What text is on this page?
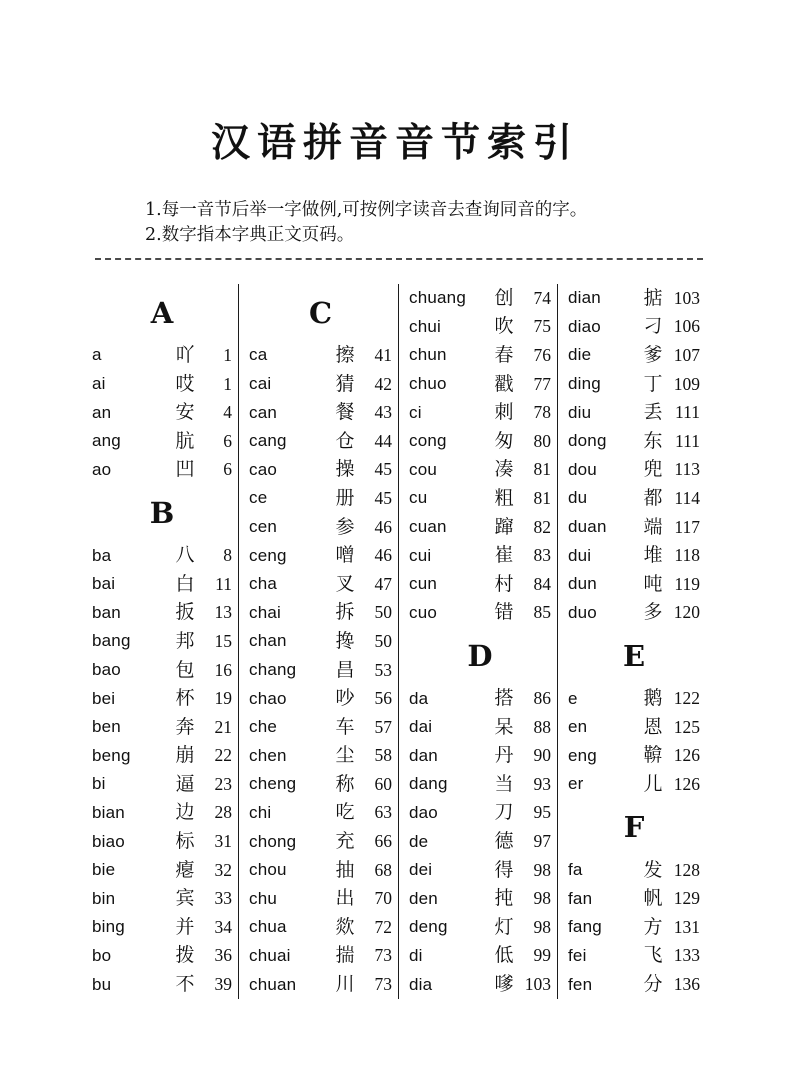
汉语拼音音节索引

1.每一音节后举一字做例,可按例字读音去查询同音的字。

2.数字指本字典正文页码。

A
a	吖	1
ai	哎	1
an	安	4
ang	肮	6
ao	凹	6
B
ba	八	8
bai	白	11
ban	扳	13
bang	邦	15
bao	包	16
bei	杯	19
ben	奔	21
beng	崩	22
bi	逼	23
bian	边	28
biao	标	31
bie	瘪	32
bin	宾	33
bing	并	34
bo	拨	36
bu	不	39
C
ca	擦	41
cai	猜	42
can	餐	43
cang	仓	44
cao	操	45
ce	册	45
cen	参	46
ceng	噌	46
cha	叉	47
chai	拆	50
chan	搀	50
chang	昌	53
chao	吵	56
che	车	57
chen	尘	58
cheng	称	60
chi	吃	63
chong	充	66
chou	抽	68
chu	出	70
chua	欻	72
chuai	揣	73
chuan	川	73
chuang	创	74
chui	吹	75
chun	春	76
chuo	戳	77
ci	刺	78
cong	匆	80
cou	凑	81
cu	粗	81
cuan	蹿	82
cui	崔	83
cun	村	84
cuo	错	85
D
da	搭	86
dai	呆	88
dan	丹	90
dang	当	93
dao	刀	95
de	德	97
dei	得	98
den	扽	98
deng	灯	98
di	低	99
dia	嗲 103
dian	掂 103
diao	刁 106
die	爹 107
ding	丁 109
diu	丢 111
dong	东 111
dou	兜 113
du	都 114
duan	端 117
dui	堆 118
dun	吨 119
duo	多 120
E
e	鹅 122
en	恩 125
eng	鞥 126
er	儿 126
F
fa	发 128
fan	帆 129
fang	方 131
fei	飞 133
fen	分 136
